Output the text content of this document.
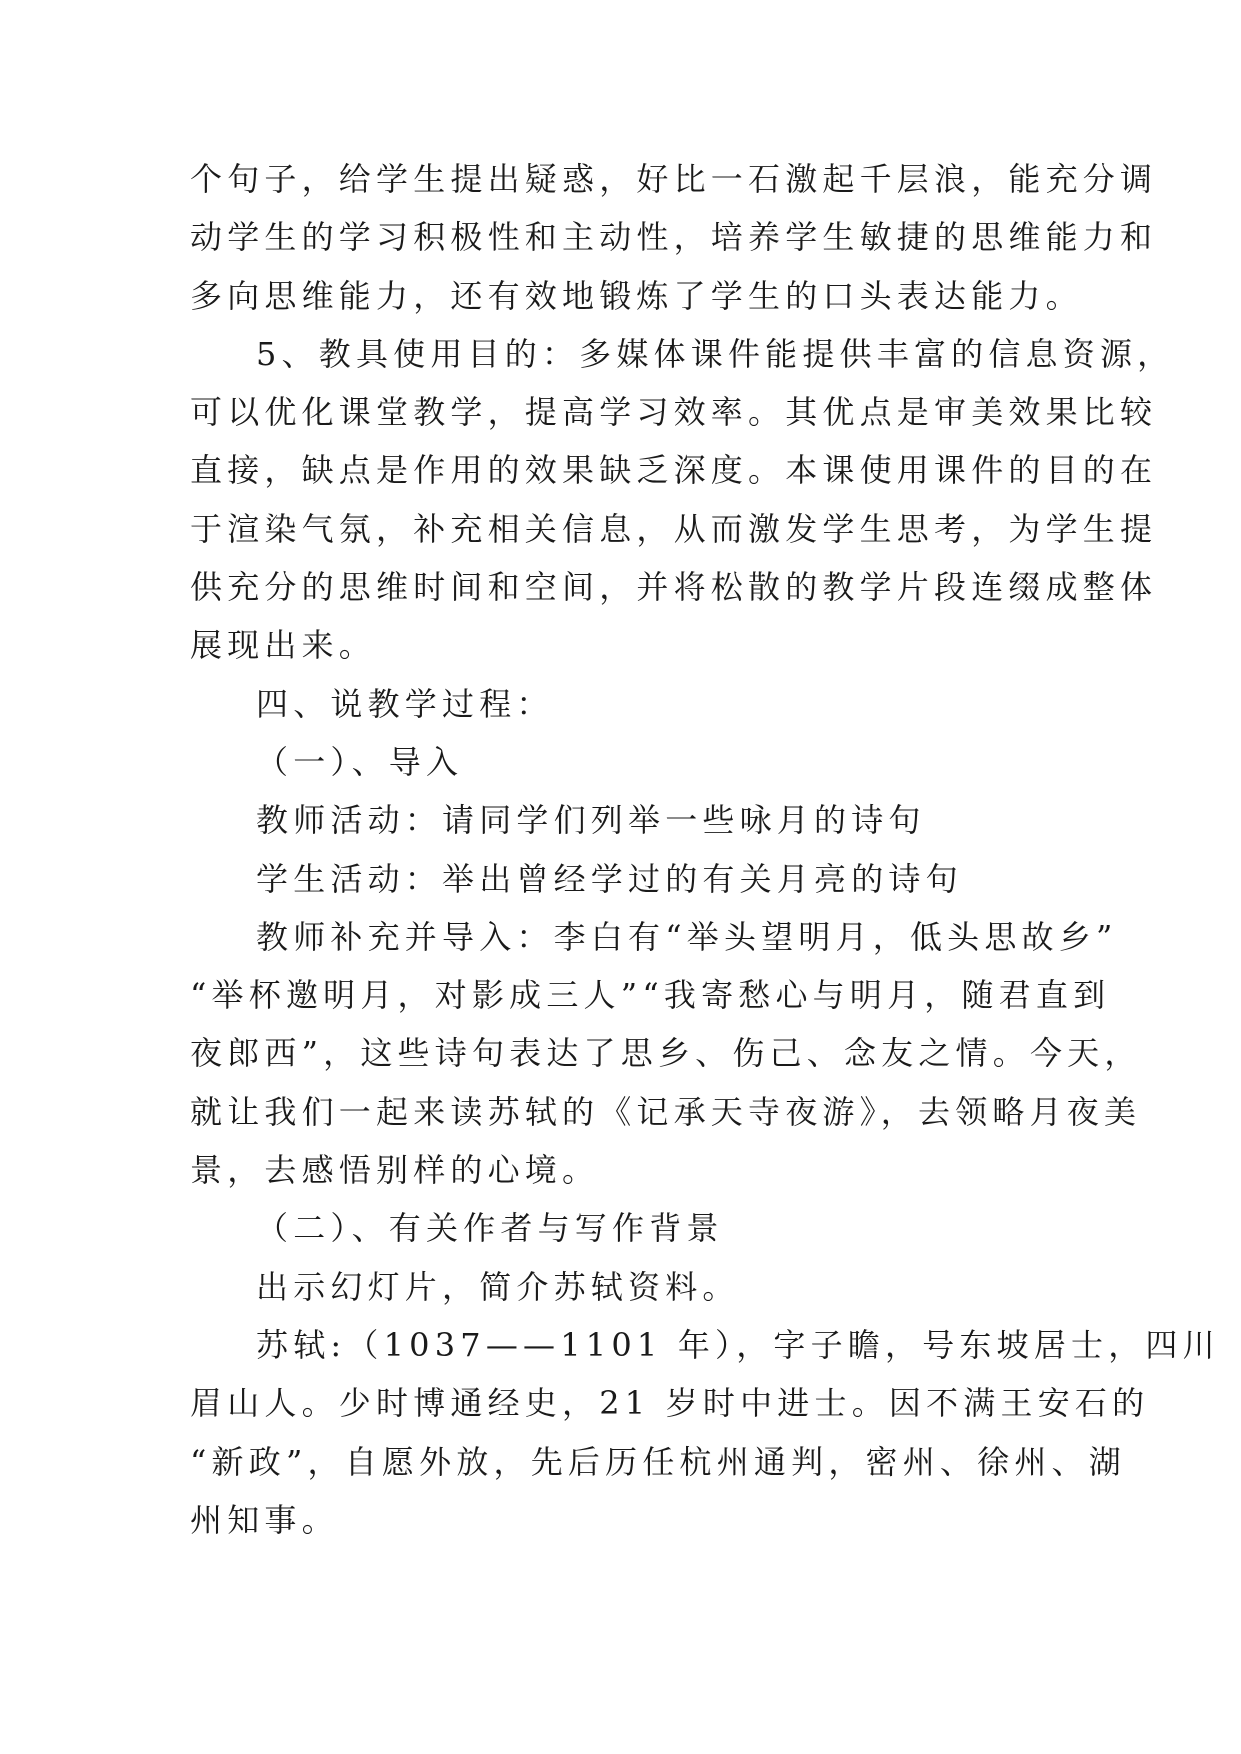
个句子，给学生提出疑惑，好比一石激起千层浪，能充分调
动学生的学习积极性和主动性，培养学生敏捷的思维能力和
多向思维能力，还有效地锻炼了学生的口头表达能力。
5、教具使用目的：多媒体课件能提供丰富的信息资源，
可以优化课堂教学，提高学习效率。其优点是审美效果比较
直接，缺点是作用的效果缺乏深度。本课使用课件的目的在
于渲染气氛，补充相关信息，从而激发学生思考，为学生提
供充分的思维时间和空间，并将松散的教学片段连缀成整体
展现出来。
四、说教学过程：
（一）、导入
教师活动：请同学们列举一些咏月的诗句
学生活动：举出曾经学过的有关月亮的诗句
教师补充并导入：李白有“举头望明月，低头思故乡”
“举杯邀明月，对影成三人”“我寄愁心与明月，随君直到
夜郎西”，这些诗句表达了思乡、伤己、念友之情。今天，
就让我们一起来读苏轼的《记承天寺夜游》，去领略月夜美
景，去感悟别样的心境。
（二）、有关作者与写作背景
出示幻灯片，简介苏轼资料。
苏轼:（1037——1101 年），字子瞻，号东坡居士，四川
眉山人。少时博通经史，21 岁时中进士。因不满王安石的
“新政”，自愿外放，先后历任杭州通判，密州、徐州、湖
州知事。
